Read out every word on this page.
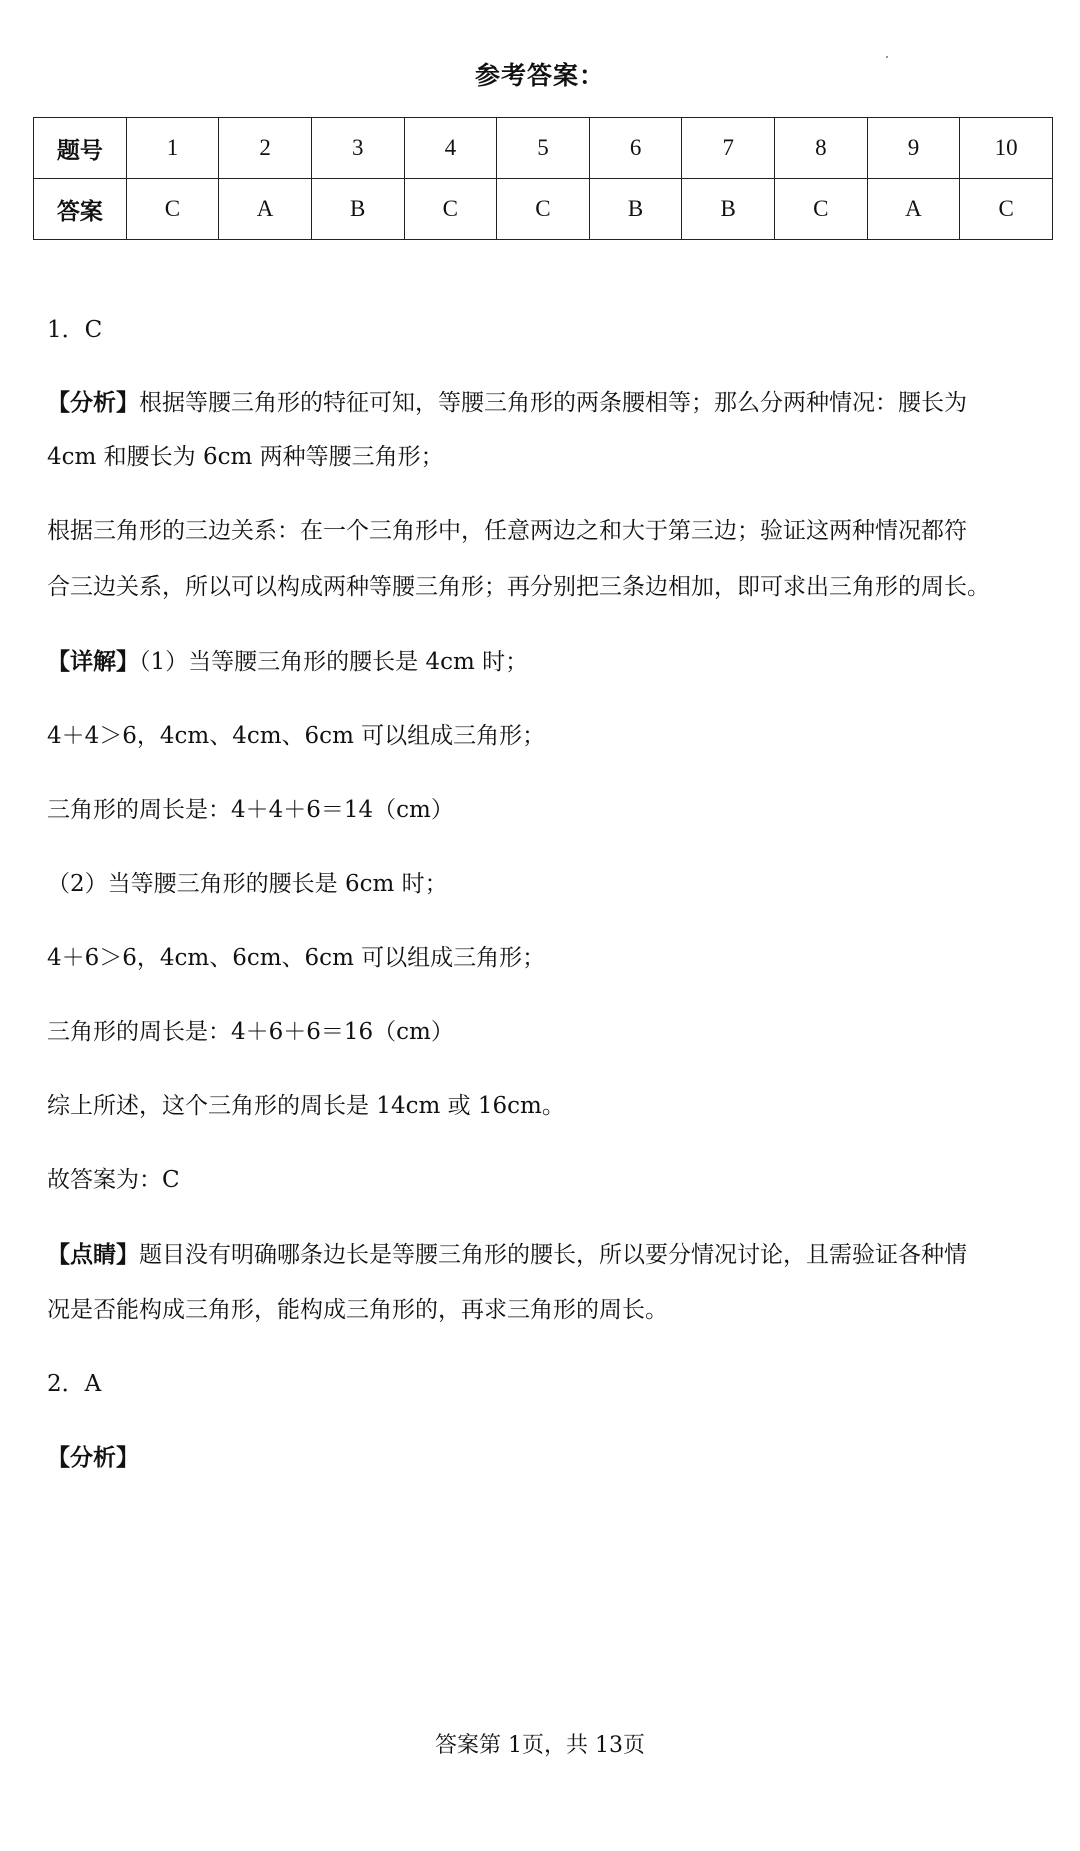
参考答案：
题号	1	2	3	4	5	6	7	8	9	10
答案	C	A	B	C	C	B	B	C	A	C
1．C
【分析】根据等腰三角形的特征可知，等腰三角形的两条腰相等；那么分两种情况：腰长为
4cm 和腰长为 6cm 两种等腰三角形；
根据三角形的三边关系：在一个三角形中，任意两边之和大于第三边；验证这两种情况都符
合三边关系，所以可以构成两种等腰三角形；再分别把三条边相加，即可求出三角形的周长。
【详解】（1）当等腰三角形的腰长是 4cm 时；
4＋4＞6，4cm、4cm、6cm 可以组成三角形；
三角形的周长是：4＋4＋6＝14（cm）
（2）当等腰三角形的腰长是 6cm 时；
4＋6＞6，4cm、6cm、6cm 可以组成三角形；
三角形的周长是：4＋6＋6＝16（cm）
综上所述，这个三角形的周长是 14cm 或 16cm。
故答案为：C
【点睛】题目没有明确哪条边长是等腰三角形的腰长，所以要分情况讨论，且需验证各种情
况是否能构成三角形，能构成三角形的，再求三角形的周长。
2．A
【分析】
答案第 1页，共 13页
